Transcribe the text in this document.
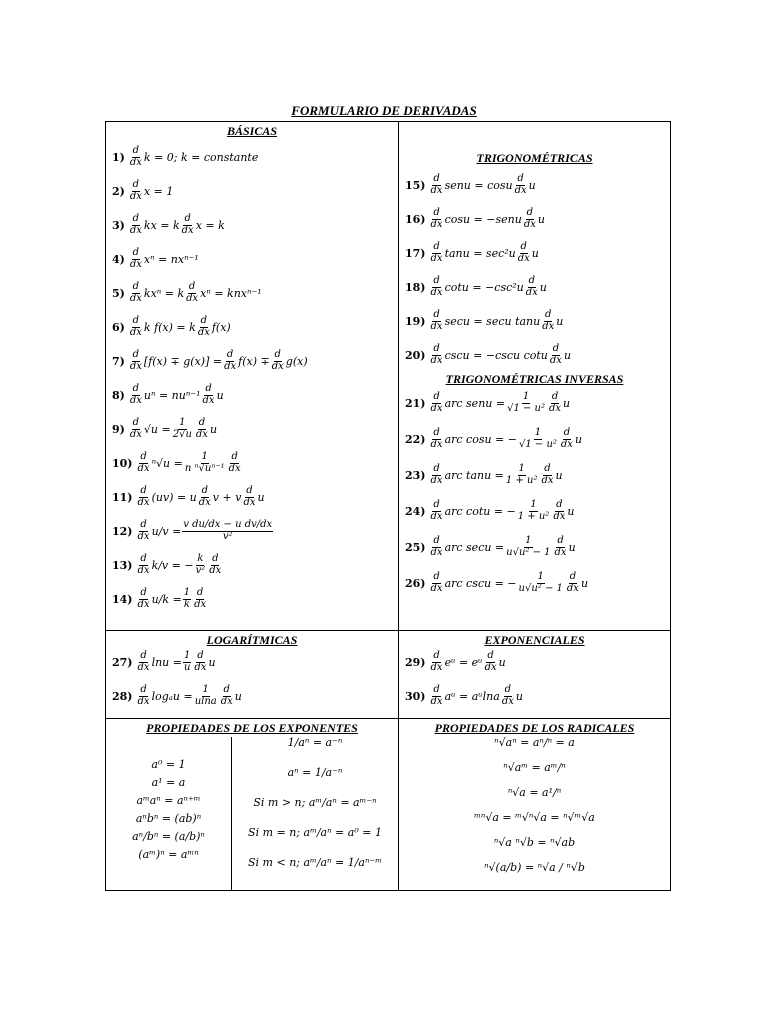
FORMULARIO DE DERIVADAS
BÁSICAS
$1) \frac{d}{dx}$ k = 0; k = constante
$2) \frac{d}{dx}$ x = 1
$3) \frac{d}{dx}$ kx = k $\frac{d}{dx}$ x = k
$4) \frac{d}{dx}$ xⁿ = nxⁿ⁻¹
$5) \frac{d}{dx}$ kxⁿ = k $\frac{d}{dx}$ xⁿ = knxⁿ⁻¹
$6) \frac{d}{dx}$ k f(x) = k $\frac{d}{dx} f(x)$
$7) \frac{d}{dx} [f(x) \mp g(x)] = \frac{d}{dx} f(x) \mp \frac{d}{dx} g(x)$
$8) \frac{d}{dx}$ $u^n = nu^{n-1} \frac{d}{dx}$ u
$9) \frac{d}{dx} √u = \frac{1}{2√u} \frac{d}{dx}$ u
$10) \frac{d}{dx} ^n√u = \frac{1}{\text{n ⁿ√uⁿ⁻¹}} \frac{d}{dx}$
$11) \frac{d}{dx} (uv) = u \frac{d}{dx}$ v + v $\frac{d}{dx}$ u
$12) \frac{d}{dx} u/v = \frac{\text{v du/dx − u dv/dx}}{\text{v²}}$
$13) \frac{d}{dx} k/v$ = − $\frac{k}{\text{v²}} \frac{d}{dx}$
$14) \frac{d}{dx} u/k = \frac{1}{k} \frac{d}{dx}$
TRIGONOMÉTRICAS
$15) \frac{d}{dx}$ senu = cosu $\frac{d}{dx}$ u
$16) \frac{d}{dx}$ cosu = −senu $\frac{d}{dx}$ u
$17) \frac{d}{dx}$ $\tan u = \sec^2u \frac{d}{dx}$ u
$18) \frac{d}{dx}$ $\cot u = -\csc^2u \frac{d}{dx}$ u
$19) \frac{d}{dx}$ secu = secu tanu $\frac{d}{dx}$ u
$20) \frac{d}{dx}$ cscu = −cscu cotu $\frac{d}{dx}$ u
TRIGONOMÉTRICAS INVERSAS
$21) \frac{d}{dx}$ arc senu = $\frac{1}{\text{√1 − u²}} \frac{d}{dx}$ u
$22) \frac{d}{dx}$ arc cosu = − $\frac{1}{\text{√1 − u²}} \frac{d}{dx}$ u
$23) \frac{d}{dx}$ arc $\tan u = \frac{1}{\text{1 + u²}} \frac{d}{dx}$ u
$24) \frac{d}{dx}$ arc cotu = − $\frac{1}{\text{1 + u²}} \frac{d}{dx}$ u
$25) \frac{d}{dx}$ arc $\sec u = \frac{1}{\text{u√u² − 1}} \frac{d}{dx}$ u
$26) \frac{d}{dx}$ arc cscu = − $\frac{1}{\text{u√u² − 1}} \frac{d}{dx}$ u
LOGARÍTMICAS
$27) \frac{d}{dx}$ $\ln u = \frac{1}{u} \frac{d}{dx}$ u
$28) \frac{d}{dx}$ $\log_au = \frac{1}{ulna} \frac{d}{dx}$ u
EXPONENCIALES
$29) \frac{d}{dx}$ eᵘ = eᵘ $\frac{d}{dx}$ u
$30) \frac{d}{dx}$ aᵘ = aᵘlna $\frac{d}{dx}$ u
PROPIEDADES DE LOS EXPONENTES
a⁰ = 1
a¹ = a
aᵐaⁿ = aⁿ⁺ᵐ
aⁿbⁿ = (ab)ⁿ
aⁿ/bⁿ = (a/b)ⁿ
(aᵐ)ⁿ = aᵐⁿ
1/aⁿ = a⁻ⁿ
aⁿ = 1/a⁻ⁿ
Si m > n; aᵐ/aⁿ = aᵐ⁻ⁿ
Si m = n; aᵐ/aⁿ = a⁰ = 1
Si m < n; aᵐ/aⁿ = 1/aⁿ⁻ᵐ
PROPIEDADES DE LOS RADICALES
ⁿ√aⁿ = aⁿ/ⁿ = a
ⁿ√aᵐ = aᵐ/ⁿ
ⁿ√a = a¹/ⁿ
ᵐⁿ√a = ᵐ√ⁿ√a = ⁿ√ᵐ√a
ⁿ√a ⁿ√b = ⁿ√ab
ⁿ√(a/b) = ⁿ√a / ⁿ√b
